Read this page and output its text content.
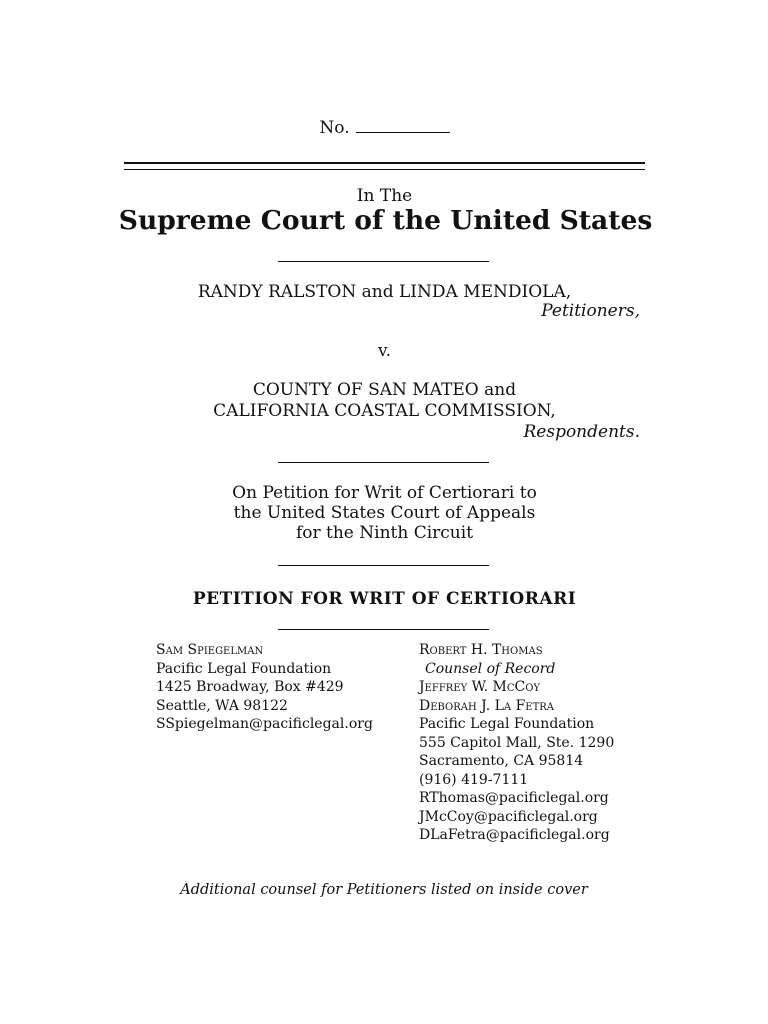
No.
In The
Supreme Court of the United States
RANDY RALSTON and LINDA MENDIOLA,
Petitioners,
v.
COUNTY OF SAN MATEO and
CALIFORNIA COASTAL COMMISSION,
Respondents.
On Petition for Writ of Certiorari to
the United States Court of Appeals
for the Ninth Circuit
PETITION FOR WRIT OF CERTIORARI
Sam Spiegelman
Pacific Legal Foundation
1425 Broadway, Box #429
Seattle, WA 98122
SSpiegelman@pacificlegal.org
Robert H. Thomas
Counsel of Record
Jeffrey W. McCoy
Deborah J. La Fetra
Pacific Legal Foundation
555 Capitol Mall, Ste. 1290
Sacramento, CA 95814
(916) 419-7111
RThomas@pacificlegal.org
JMcCoy@pacificlegal.org
DLaFetra@pacificlegal.org
Additional counsel for Petitioners listed on inside cover
